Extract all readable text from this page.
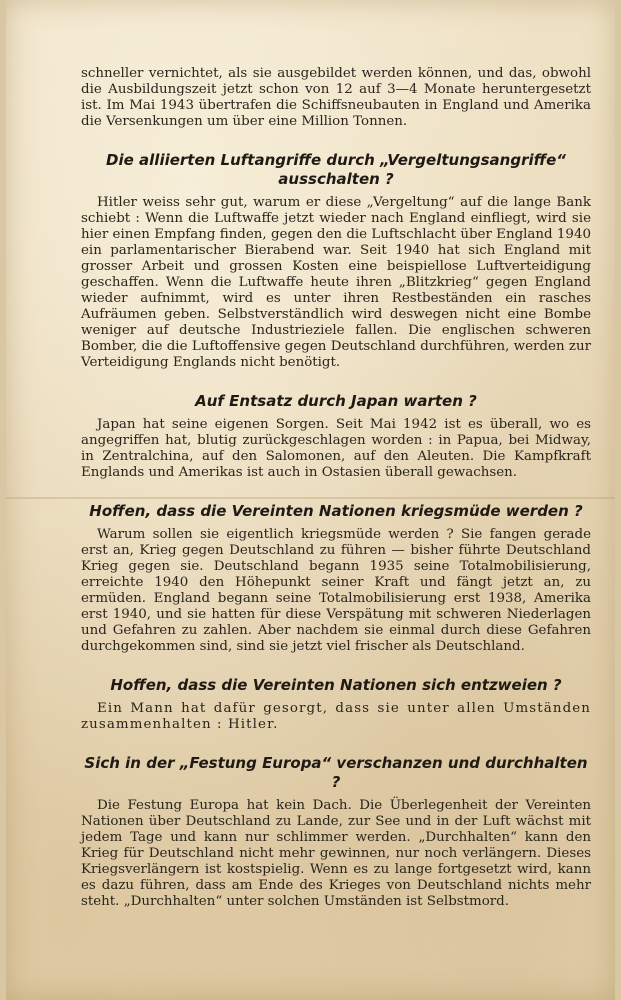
schneller vernichtet, als sie ausgebildet werden können, und das, obwohl die Ausbildungszeit jetzt schon von 12 auf 3—4 Monate heruntergesetzt ist. Im Mai 1943 übertrafen die Schiffsneubauten in England und Amerika die Versenkungen um über eine Million Tonnen.

Die alliierten Luftangriffe durch „Vergeltungsangriffe“ ausschalten ?

Hitler weiss sehr gut, warum er diese „Vergeltung“ auf die lange Bank schiebt : Wenn die Luftwaffe jetzt wieder nach England einfliegt, wird sie hier einen Empfang finden, gegen den die Luftschlacht über England 1940 ein parlamentarischer Bierabend war. Seit 1940 hat sich England mit grosser Arbeit und grossen Kosten eine beispiellose Luftverteidigung geschaffen. Wenn die Luftwaffe heute ihren „Blitzkrieg“ gegen England wieder aufnimmt, wird es unter ihren Restbeständen ein rasches Aufräumen geben. Selbstverständlich wird deswegen nicht eine Bombe weniger auf deutsche Industrieziele fallen. Die englischen schweren Bomber, die die Luftoffensive gegen Deutschland durchführen, werden zur Verteidigung Englands nicht benötigt.

Auf Entsatz durch Japan warten ?

Japan hat seine eigenen Sorgen. Seit Mai 1942 ist es überall, wo es angegriffen hat, blutig zurückgeschlagen worden : in Papua, bei Midway, in Zentralchina, auf den Salomonen, auf den Aleuten. Die Kampfkraft Englands und Amerikas ist auch in Ostasien überall gewachsen.

Hoffen, dass die Vereinten Nationen kriegsmüde werden ?

Warum sollen sie eigentlich kriegsmüde werden ? Sie fangen gerade erst an, Krieg gegen Deutschland zu führen — bisher führte Deutschland Krieg gegen sie. Deutschland begann 1935 seine Totalmobilisierung, erreichte 1940 den Höhepunkt seiner Kraft und fängt jetzt an, zu ermüden. England begann seine Totalmobilisierung erst 1938, Amerika erst 1940, und sie hatten für diese Verspätung mit schweren Niederlagen und Gefahren zu zahlen. Aber nachdem sie einmal durch diese Gefahren durchgekommen sind, sind sie jetzt viel frischer als Deutschland.

Hoffen, dass die Vereinten Nationen sich entzweien ?

Ein Mann hat dafür gesorgt, dass sie unter allen Umständen zusammenhalten : Hitler.

Sich in der „Festung Europa“ verschanzen und durchhalten ?

Die Festung Europa hat kein Dach. Die Überlegenheit der Vereinten Nationen über Deutschland zu Lande, zur See und in der Luft wächst mit jedem Tage und kann nur schlimmer werden. „Durchhalten“ kann den Krieg für Deutschland nicht mehr gewinnen, nur noch verlängern. Dieses Kriegsverlängern ist kostspielig. Wenn es zu lange fortgesetzt wird, kann es dazu führen, dass am Ende des Krieges von Deutschland nichts mehr steht. „Durchhalten“ unter solchen Umständen ist Selbstmord.
